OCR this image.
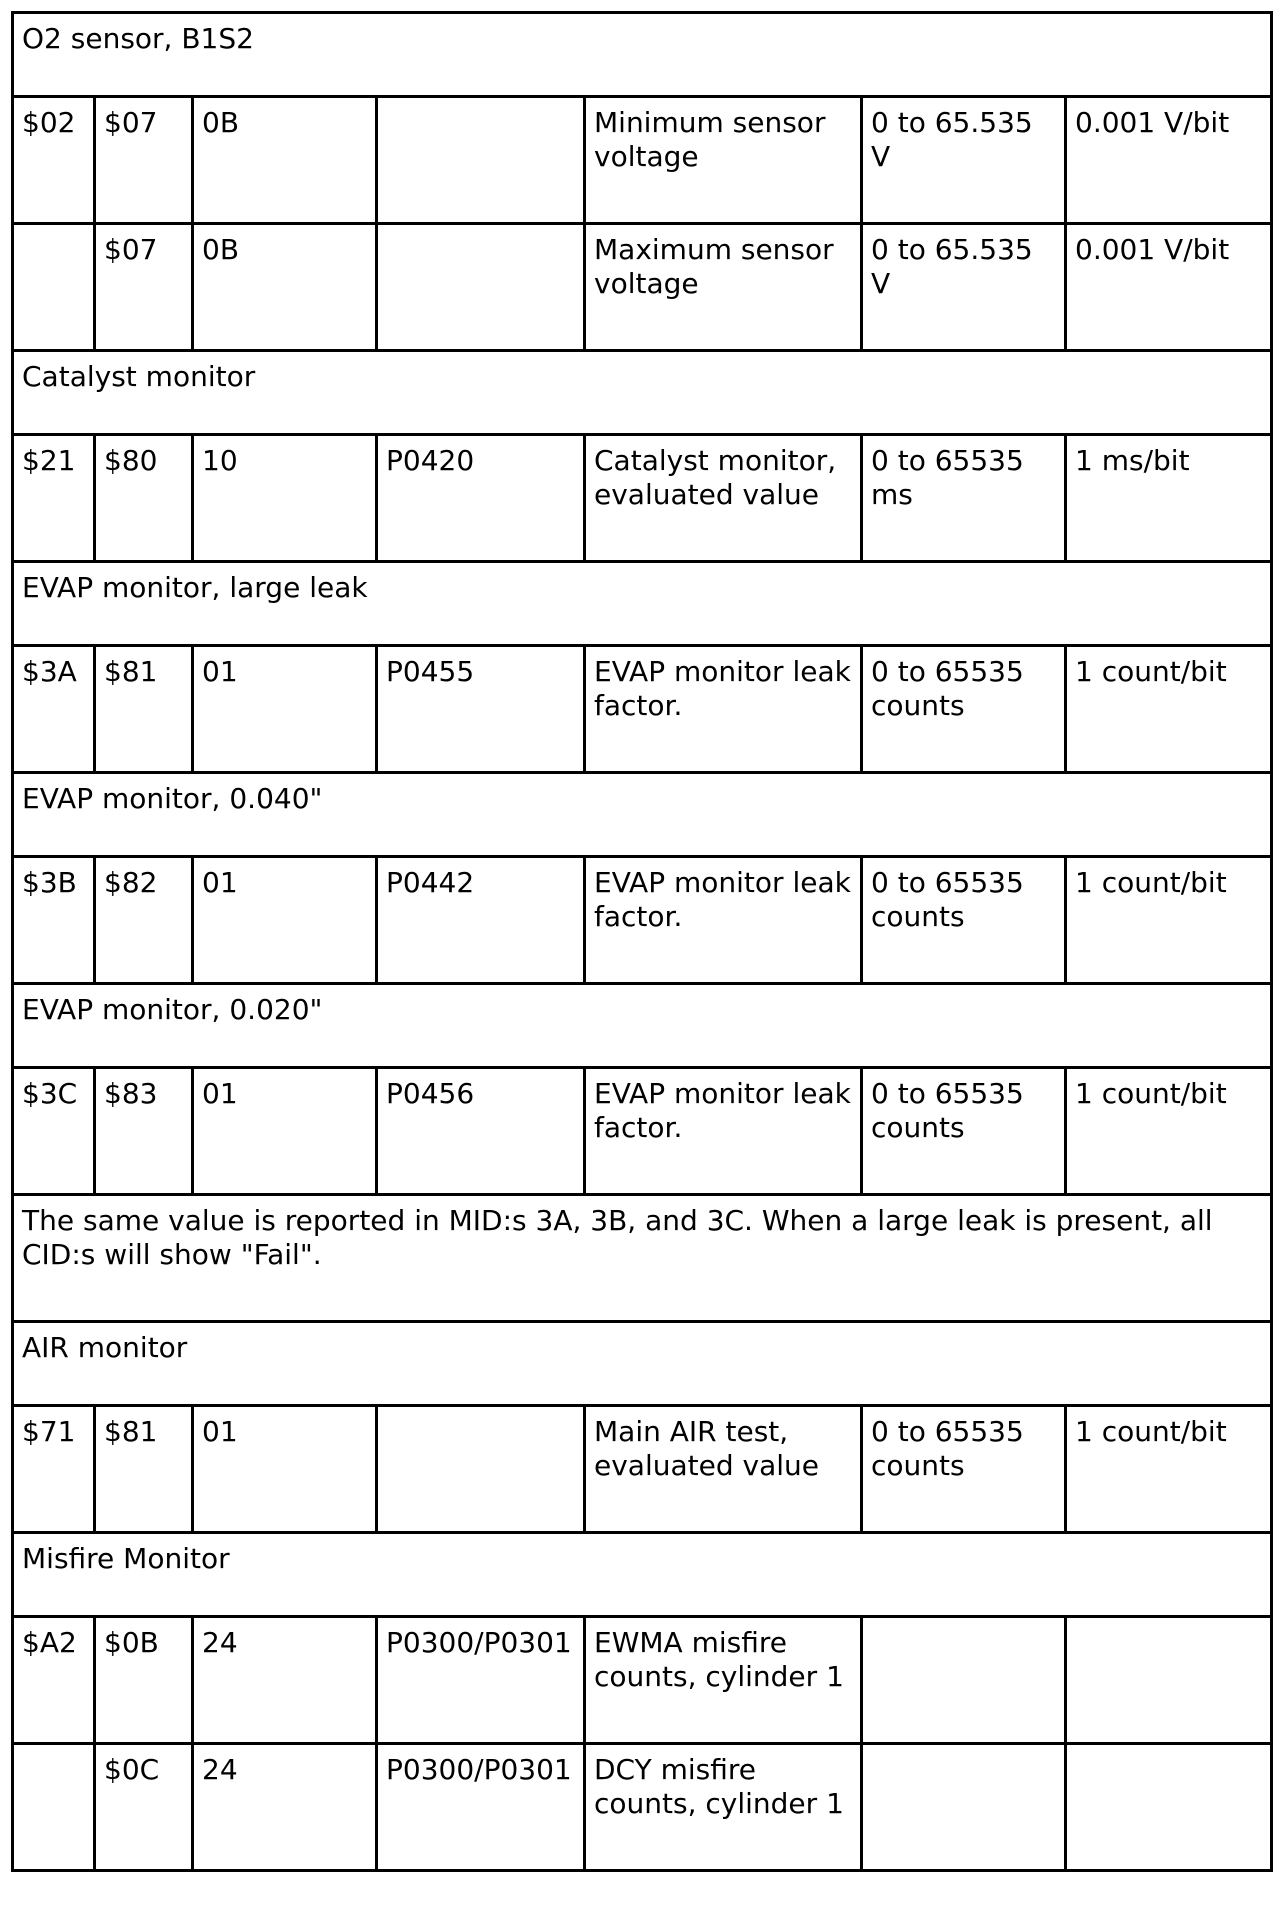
O2 sensor, B1S2						
$02	$07	0B		Minimum sensor voltage	0 to 65.535 V	0.001 V/bit
	$07	0B		Maximum sensor voltage	0 to 65.535 V	0.001 V/bit
Catalyst monitor						
$21	$80	10	P0420	Catalyst monitor, evaluated value	0 to 65535 ms	1 ms/bit
EVAP monitor, large leak						
$3A	$81	01	P0455	EVAP monitor leak factor.	0 to 65535 counts	1 count/bit
EVAP monitor, 0.040"						
$3B	$82	01	P0442	EVAP monitor leak factor.	0 to 65535 counts	1 count/bit
EVAP monitor, 0.020"						
$3C	$83	01	P0456	EVAP monitor leak factor.	0 to 65535 counts	1 count/bit
The same value is reported in MID:s 3A, 3B, and 3C. When a large leak is present, all CID:s will show "Fail".						
AIR monitor						
$71	$81	01		Main AIR test, evaluated value	0 to 65535 counts	1 count/bit
Misfire Monitor						
$A2	$0B	24	P0300/P0301	EWMA misfire counts, cylinder 1		
	$0C	24	P0300/P0301	DCY misfire counts, cylinder 1		
